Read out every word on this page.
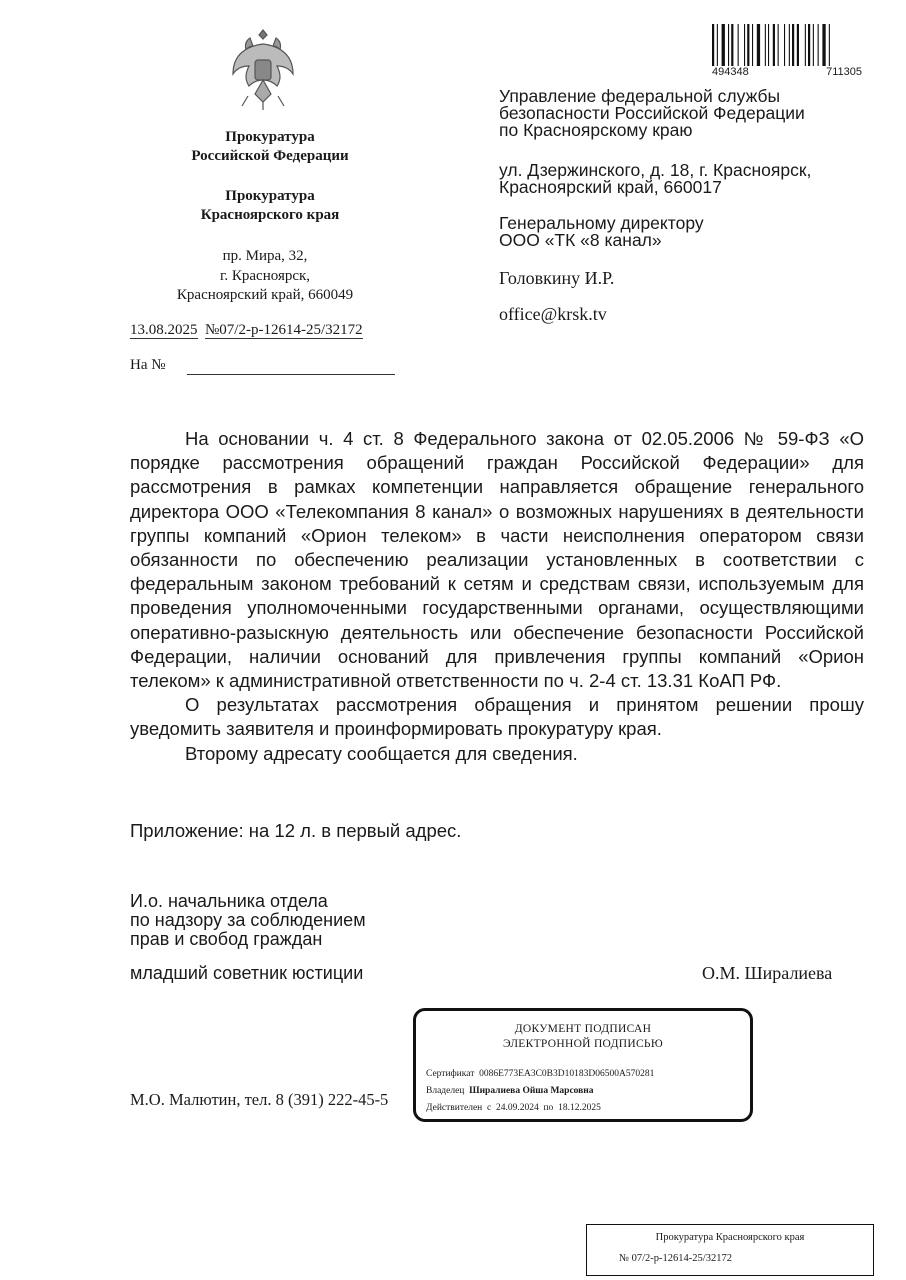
Прокуратура
Российской Федерации
Прокуратура
Красноярского края
пр. Мира, 32,
г. Красноярск,
Красноярский край, 660049
13.08.2025 №07/2-р-12614-25/32172
На №
494348	711305
Управление федеральной службы
безопасности Российской Федерации
по Красноярскому краю
ул. Дзержинского, д. 18, г. Красноярск,
Красноярский край, 660017
Генеральному директору
ООО «ТК «8 канал»
Головкину И.Р.
office@krsk.tv

На основании ч. 4 ст. 8 Федерального закона от 02.05.2006 № 59-ФЗ «О порядке рассмотрения обращений граждан Российской Федерации» для рассмотрения в рамках компетенции направляется обращение генерального директора ООО «Телекомпания 8 канал» о возможных нарушениях в деятельности группы компаний «Орион телеком» в части неисполнения оператором связи обязанности по обеспечению реализации установленных в соответствии с федеральным законом требований к сетям и средствам связи, используемым для проведения уполномоченными государственными органами, осуществляющими оперативно-разыскную деятельность или обеспечение безопасности Российской Федерации, наличии оснований для привлечения группы компаний «Орион телеком» к административной ответственности по ч. 2-4 ст. 13.31 КоАП РФ.

О результатах рассмотрения обращения и принятом решении прошу уведомить заявителя и проинформировать прокуратуру края.

Второму адресату сообщается для сведения.

Приложение: на 12 л. в первый адрес.
И.о. начальника отдела
по надзору за соблюдением
прав и свобод граждан
младший советник юстиции	О.М. Ширалиева
М.О. Малютин, тел. 8 (391) 222-45-5
ДОКУМЕНТ ПОДПИСАН
ЭЛЕКТРОННОЙ ПОДПИСЬЮ
Сертификат 0086E773EA3C0B3D10183D06500A570281
Владелец Ширалиева Ойша Марсовна
Действителен с 24.09.2024 по 18.12.2025
Прокуратура Красноярского края
№ 07/2-р-12614-25/32172
